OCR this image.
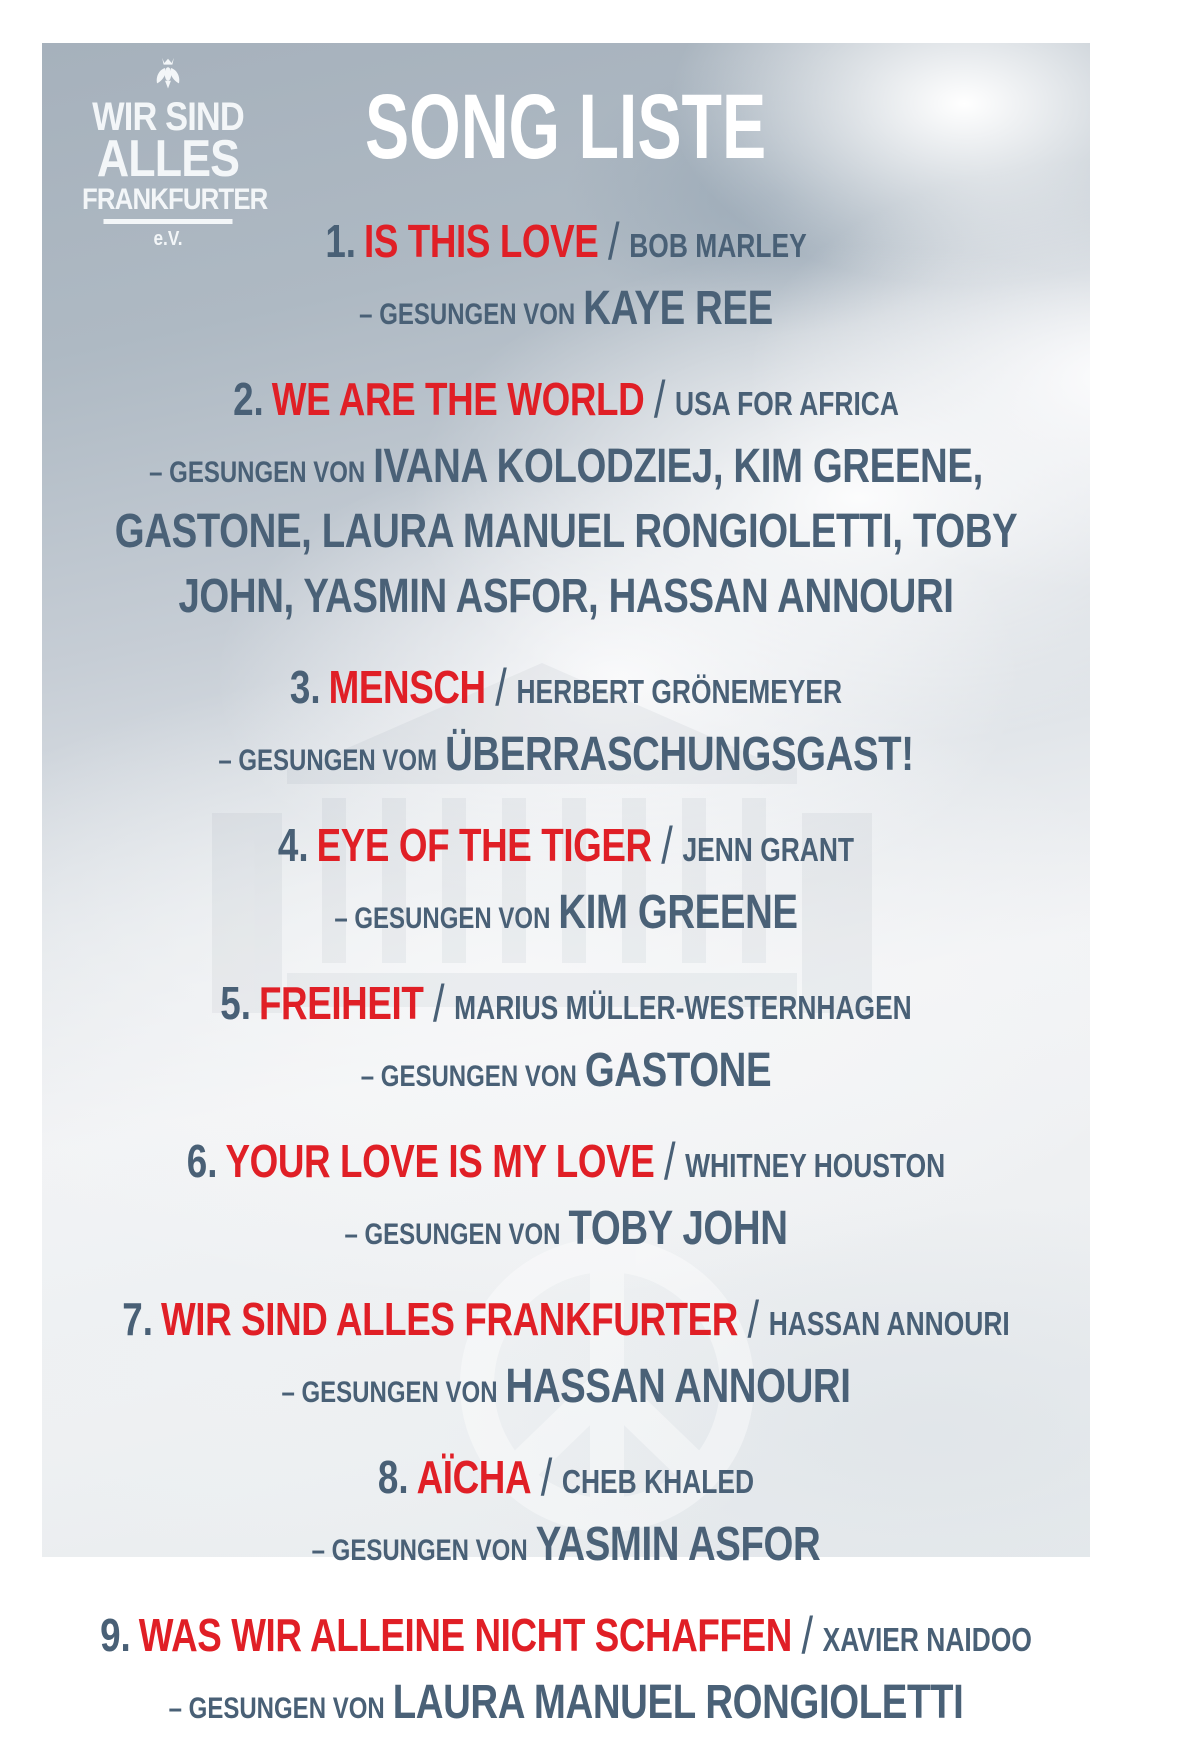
WIR SIND
ALLES
FRANKFURTER
e.V.
SONG LISTE
1. IS THIS LOVE / BOB MARLEY
– GESUNGEN VON KAYE REE
2. WE ARE THE WORLD / USA FOR AFRICA
– GESUNGEN VON IVANA KOLODZIEJ, KIM GREENE, GASTONE, LAURA MANUEL RONGIOLETTI, TOBY JOHN, YASMIN ASFOR, HASSAN ANNOURI
3. MENSCH / HERBERT GRÖNEMEYER
– GESUNGEN VOM ÜBERRASCHUNGSGAST!
4. EYE OF THE TIGER / JENN GRANT
– GESUNGEN VON KIM GREENE
5. FREIHEIT / MARIUS MÜLLER-WESTERNHAGEN
– GESUNGEN VON GASTONE
6. YOUR LOVE IS MY LOVE / WHITNEY HOUSTON
– GESUNGEN VON TOBY JOHN
7. WIR SIND ALLES FRANKFURTER / HASSAN ANNOURI
– GESUNGEN VON HASSAN ANNOURI
8. AÏCHA / CHEB KHALED
– GESUNGEN VON YASMIN ASFOR
9. WAS WIR ALLEINE NICHT SCHAFFEN / XAVIER NAIDOO
– GESUNGEN VON LAURA MANUEL RONGIOLETTI
